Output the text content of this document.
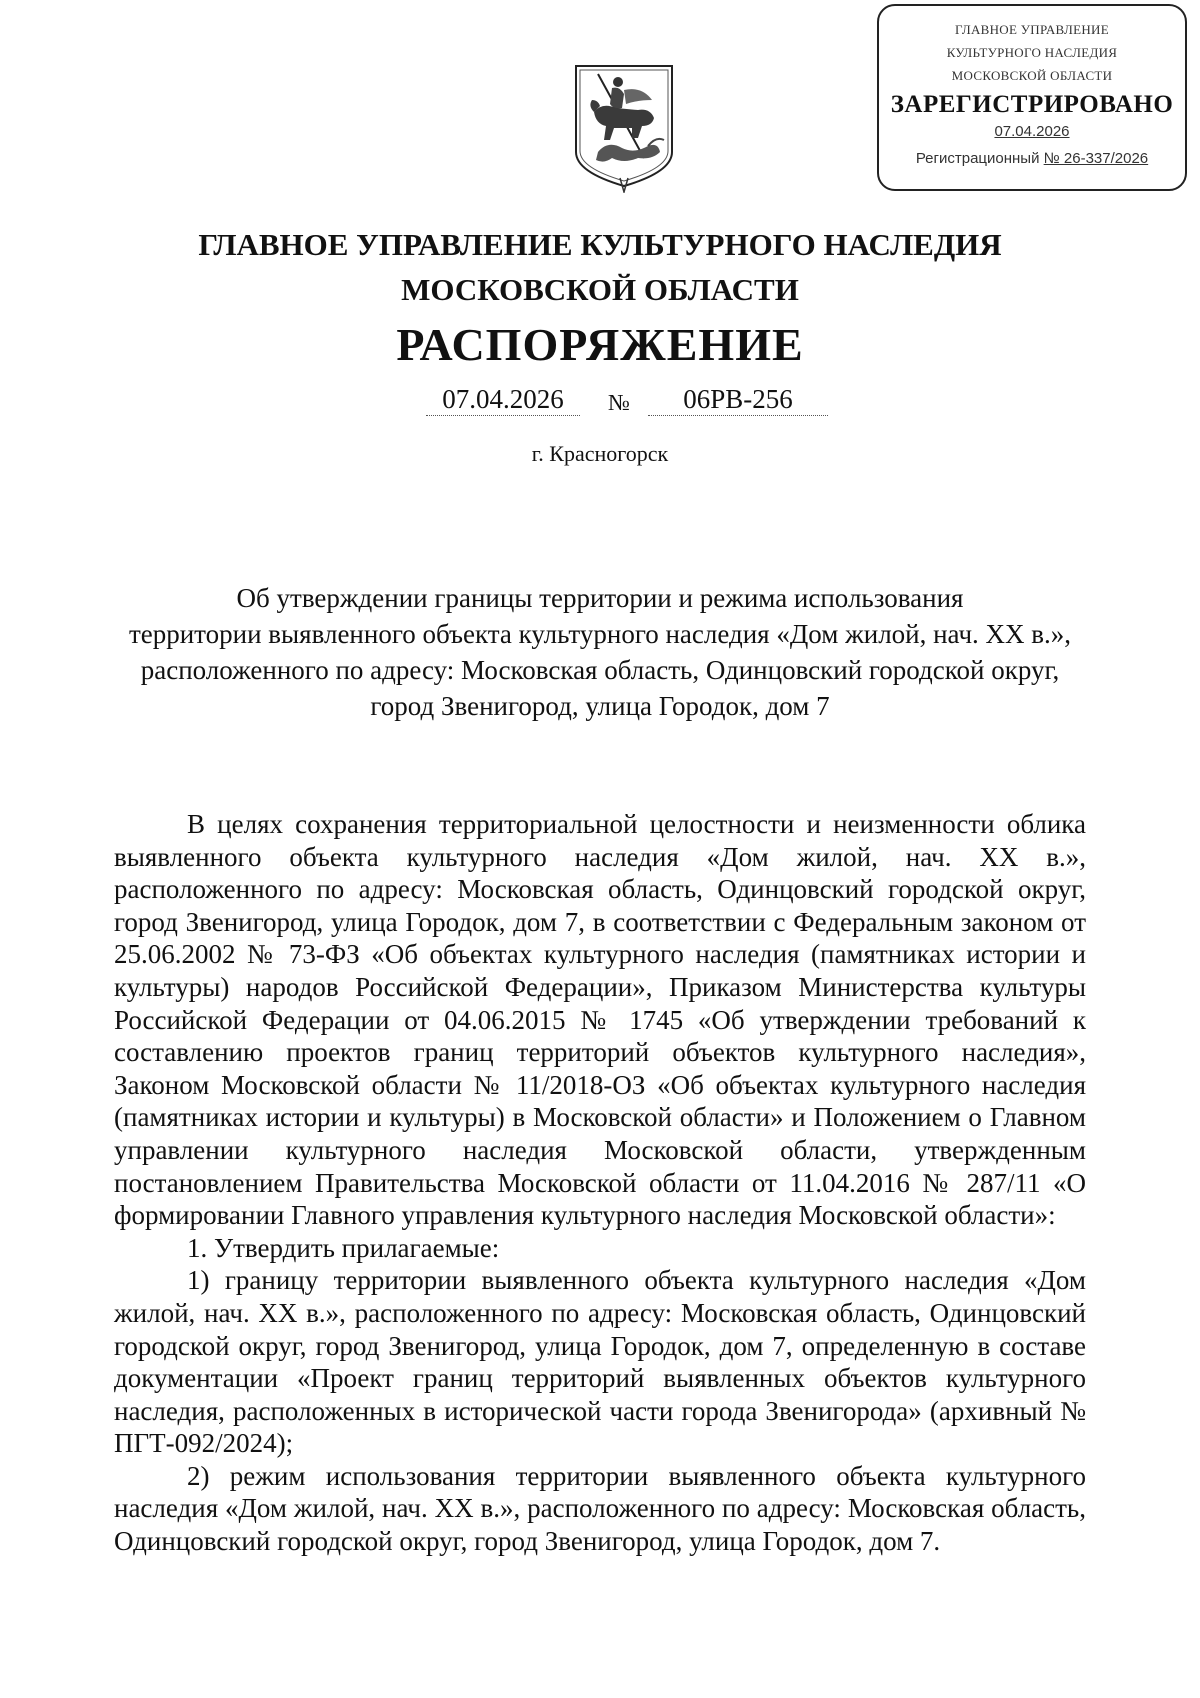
ГЛАВНОЕ УПРАВЛЕНИЕ
КУЛЬТУРНОГО НАСЛЕДИЯ
МОСКОВСКОЙ ОБЛАСТИ
ЗАРЕГИСТРИРОВАНО
07.04.2026
Регистрационный № 26-337/2026
ГЛАВНОЕ УПРАВЛЕНИЕ КУЛЬТУРНОГО НАСЛЕДИЯ
МОСКОВСКОЙ ОБЛАСТИ
РАСПОРЯЖЕНИЕ
07.04.2026	№	06РВ-256
г. Красногорск
Об утверждении границы территории и режима использования
территории выявленного объекта культурного наследия «Дом жилой, нач. XX в.»,
расположенного по адресу: Московская область, Одинцовский городской округ,
город Звенигород, улица Городок, дом 7

В целях сохранения территориальной целостности и неизменности облика выявленного объекта культурного наследия «Дом жилой, нач. XX в.», расположенного по адресу: Московская область, Одинцовский городской округ, город Звенигород, улица Городок, дом 7, в соответствии с Федеральным законом от 25.06.2002 № 73-ФЗ «Об объектах культурного наследия (памятниках истории и культуры) народов Российской Федерации», Приказом Министерства культуры Российской Федерации от 04.06.2015 № 1745 «Об утверждении требований к составлению проектов границ территорий объектов культурного наследия», Законом Московской области № 11/2018-ОЗ «Об объектах культурного наследия (памятниках истории и культуры) в Московской области» и Положением о Главном управлении культурного наследия Московской области, утвержденным постановлением Правительства Московской области от 11.04.2016 № 287/11 «О формировании Главного управления культурного наследия Московской области»:

1. Утвердить прилагаемые:

1) границу территории выявленного объекта культурного наследия «Дом жилой, нач. XX в.», расположенного по адресу: Московская область, Одинцовский городской округ, город Звенигород, улица Городок, дом 7, определенную в составе документации «Проект границ территорий выявленных объектов культурного наследия, расположенных в исторической части города Звенигорода» (архивный № ПГТ-092/2024);

2) режим использования территории выявленного объекта культурного наследия «Дом жилой, нач. XX в.», расположенного по адресу: Московская область, Одинцовский городской округ, город Звенигород, улица Городок, дом 7.
